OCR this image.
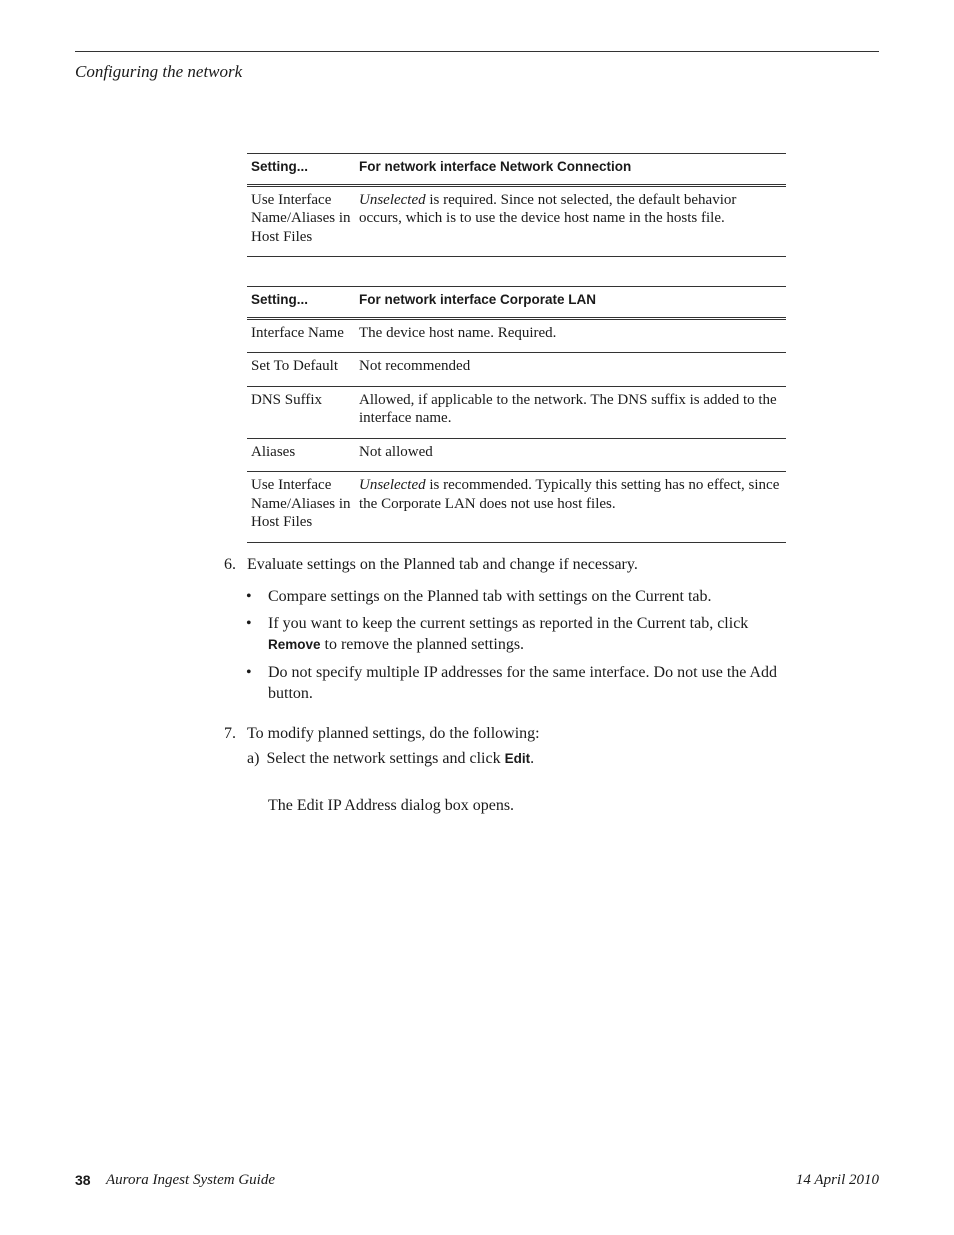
Configuring the network
Setting...	For network interface Network Connection
Use Interface Name/Aliases in Host Files	Unselected is required. Since not selected, the default behavior occurs, which is to use the device host name in the hosts file.
Setting...	For network interface Corporate LAN
Interface Name	The device host name. Required.
Set To Default	Not recommended
DNS Suffix	Allowed, if applicable to the network. The DNS suffix is added to the interface name.
Aliases	Not allowed
Use Interface Name/Aliases in Host Files	Unselected is recommended. Typically this setting has no effect, since the Corporate LAN does not use host files.
6. Evaluate settings on the Planned tab and change if necessary.
• Compare settings on the Planned tab with settings on the Current tab.
• If you want to keep the current settings as reported in the Current tab, click
Remove to remove the planned settings.
• Do not specify multiple IP addresses for the same interface. Do not use the Add button.
7. To modify planned settings, do the following:
a) Select the network settings and click Edit.
The Edit IP Address dialog box opens.
38 Aurora Ingest System Guide	14 April 2010
